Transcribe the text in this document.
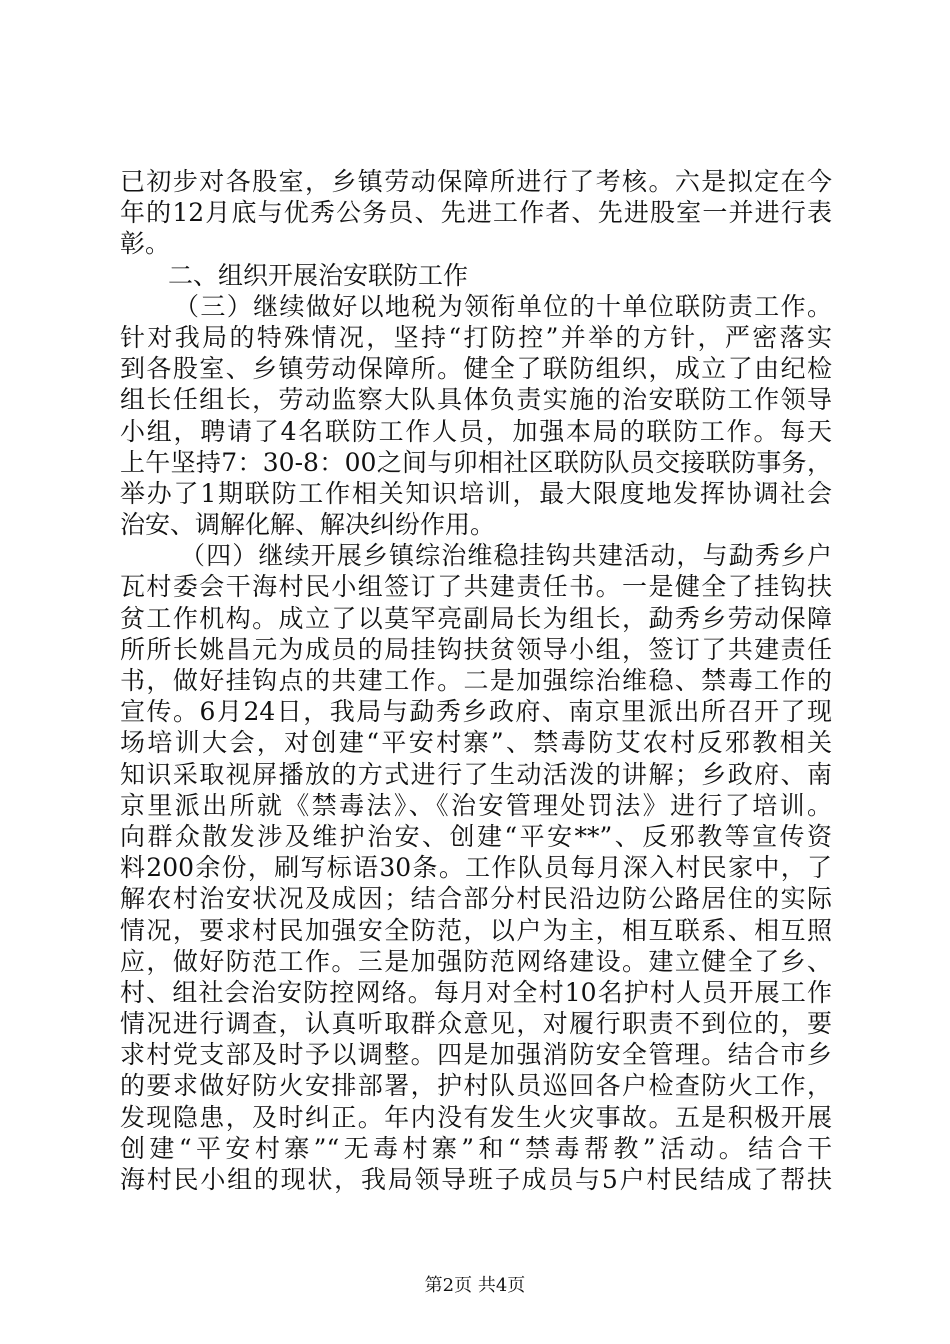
已初步对各股室，乡镇劳动保障所进行了考核。六是拟定在今
年的12月底与优秀公务员、先进工作者、先进股室一并进行表
彰。
二、组织开展治安联防工作
（三）继续做好以地税为领衔单位的十单位联防责工作。
针对我局的特殊情况，坚持“打防控”并举的方针，严密落实
到各股室、乡镇劳动保障所。健全了联防组织，成立了由纪检
组长任组长，劳动监察大队具体负责实施的治安联防工作领导
小组，聘请了4名联防工作人员，加强本局的联防工作。每天
上午坚持7：30-8：00之间与卯相社区联防队员交接联防事务，
举办了1期联防工作相关知识培训，最大限度地发挥协调社会
治安、调解化解、解决纠纷作用。
（四）继续开展乡镇综治维稳挂钩共建活动，与勐秀乡户
瓦村委会干海村民小组签订了共建责任书。一是健全了挂钩扶
贫工作机构。成立了以莫罕亮副局长为组长，勐秀乡劳动保障
所所长姚昌元为成员的局挂钩扶贫领导小组，签订了共建责任
书，做好挂钩点的共建工作。二是加强综治维稳、禁毒工作的
宣传。6月24日，我局与勐秀乡政府、南京里派出所召开了现
场培训大会，对创建“平安村寨”、禁毒防艾农村反邪教相关
知识采取视屏播放的方式进行了生动活泼的讲解；乡政府、南
京里派出所就《禁毒法》、《治安管理处罚法》进行了培训。
向群众散发涉及维护治安、创建“平安**”、反邪教等宣传资
料200余份，刷写标语30条。工作队员每月深入村民家中，了
解农村治安状况及成因；结合部分村民沿边防公路居住的实际
情况，要求村民加强安全防范，以户为主，相互联系、相互照
应，做好防范工作。三是加强防范网络建设。建立健全了乡、
村、组社会治安防控网络。每月对全村10名护村人员开展工作
情况进行调查，认真听取群众意见，对履行职责不到位的，要
求村党支部及时予以调整。四是加强消防安全管理。结合市乡
的要求做好防火安排部署，护村队员巡回各户检查防火工作，
发现隐患，及时纠正。年内没有发生火灾事故。五是积极开展
创建“平安村寨”“无毒村寨”和“禁毒帮教”活动。结合干
海村民小组的现状，我局领导班子成员与5户村民结成了帮扶
第2页 共4页
